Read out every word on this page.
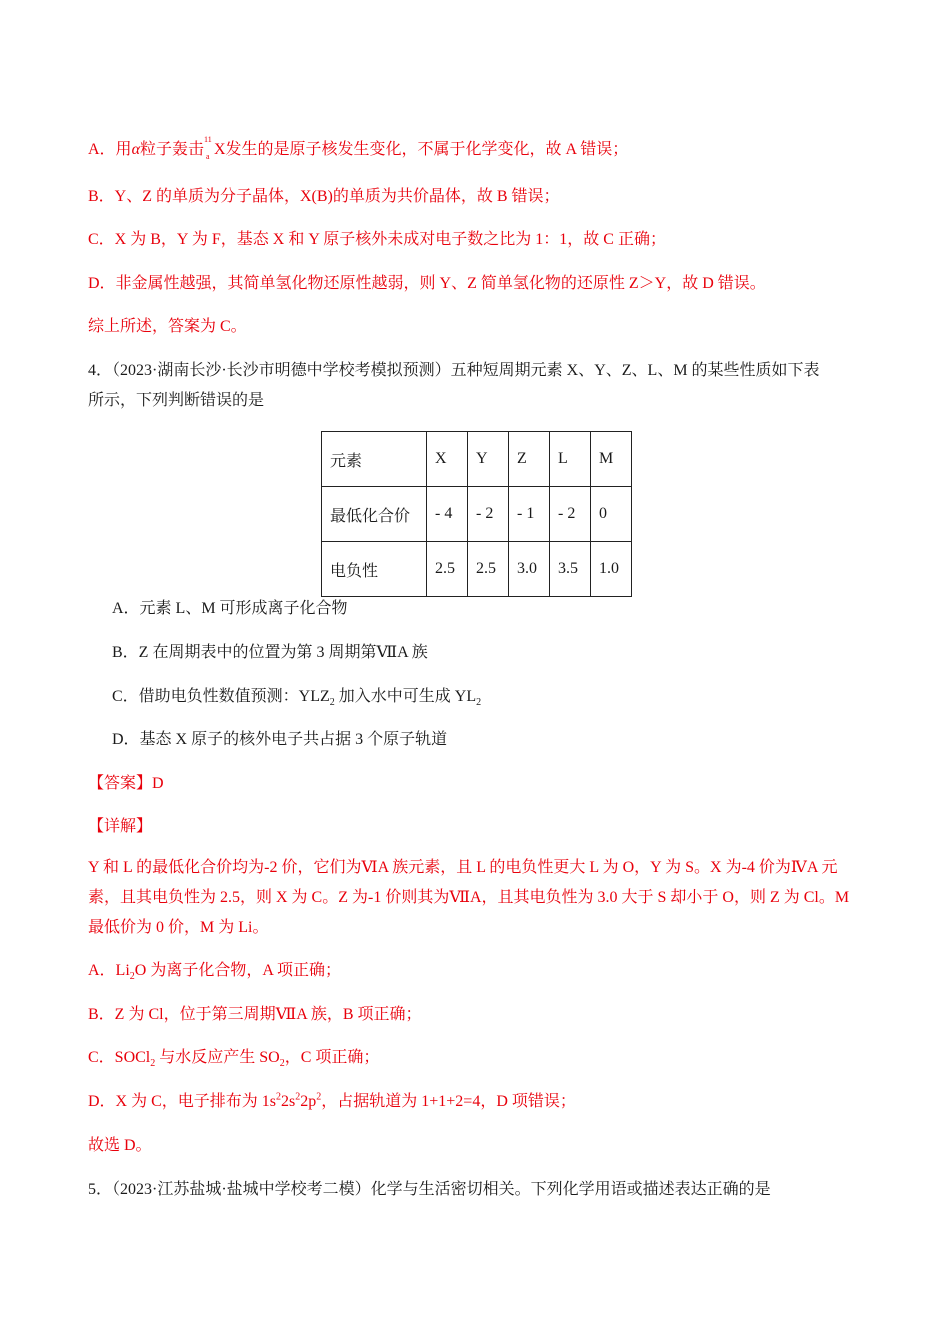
A．用α粒子轰击
11
a X发生的是原子核发生变化，不属于化学变化，故 A 错误；
B．Y、Z 的单质为分子晶体，X(B)的单质为共价晶体，故 B 错误；
C．X 为 B，Y 为 F，基态 X 和 Y 原子核外未成对电子数之比为 1：1，故 C 正确；
D．非金属性越强，其简单氢化物还原性越弱，则 Y、Z 简单氢化物的还原性 Z＞Y，故 D 错误。
综上所述，答案为 C。
4．（2023·湖南长沙·长沙市明德中学校考模拟预测）五种短周期元素 X、Y、Z、L、M 的某些性质如下表
所示，下列判断错误的是
元素	X	Y	Z	L	M
最低化合价	- 4	- 2	- 1	- 2	0
电负性	2.5	2.5	3.0	3.5	1.0
A．元素 L、M 可形成离子化合物
B．Z 在周期表中的位置为第 3 周期第ⅦA 族
C．借助电负性数值预测：$YLZ_2$ 加入水中可生成 $YL_2$
D．基态 X 原子的核外电子共占据 3 个原子轨道
【答案】D
【详解】
Y 和 L 的最低化合价均为-2 价，它们为ⅥA 族元素，且 L 的电负性更大 L 为 O，Y 为 S。X 为-4 价为ⅣA 元素，且其电负性为 2.5，则 X 为 C。Z 为-1 价则其为ⅦA，且其电负性为 3.0 大于 S 却小于 O，则 Z 为 Cl。M 最低价为 0 价，M 为 Li。
A．$Li_2O$ 为离子化合物，A 项正确；
B．Z 为 Cl，位于第三周期ⅦA 族，B 项正确；
C．SOCl$_2$ 与水反应产生 $SO_2$，C 项正确；
D．X 为 C，电子排布为 $1s^22s^22p^2$，占据轨道为 1+1+2=4，D 项错误；
故选 D。
5．（2023·江苏盐城·盐城中学校考二模）化学与生活密切相关。下列化学用语或描述表达正确的是
